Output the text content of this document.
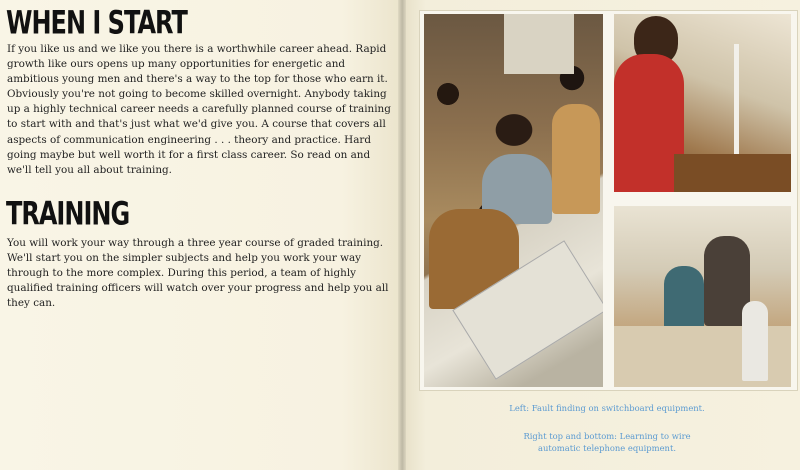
WHEN I START

If you like us and we like you there is a worthwhile career ahead. Rapid growth like ours opens up many opportunities for energetic and ambitious young men and there's a way to the top for those who earn it. Obviously you're not going to become skilled overnight. Anybody taking up a highly technical career needs a carefully planned course of training to start with and that's just what we'd give you. A course that covers all aspects of communication engineering . . . theory and practice. Hard going maybe but well worth it for a first class career. So read on and we'll tell you all about training.

TRAINING

You will work your way through a three year course of graded training. We'll start you on the simpler subjects and help you work your way through to the more complex. During this period, a team of highly qualified training officers will watch over your progress and help you all they can.

Left: Fault finding on switchboard equipment.

Right top and bottom: Learning to wire automatic telephone equipment.
